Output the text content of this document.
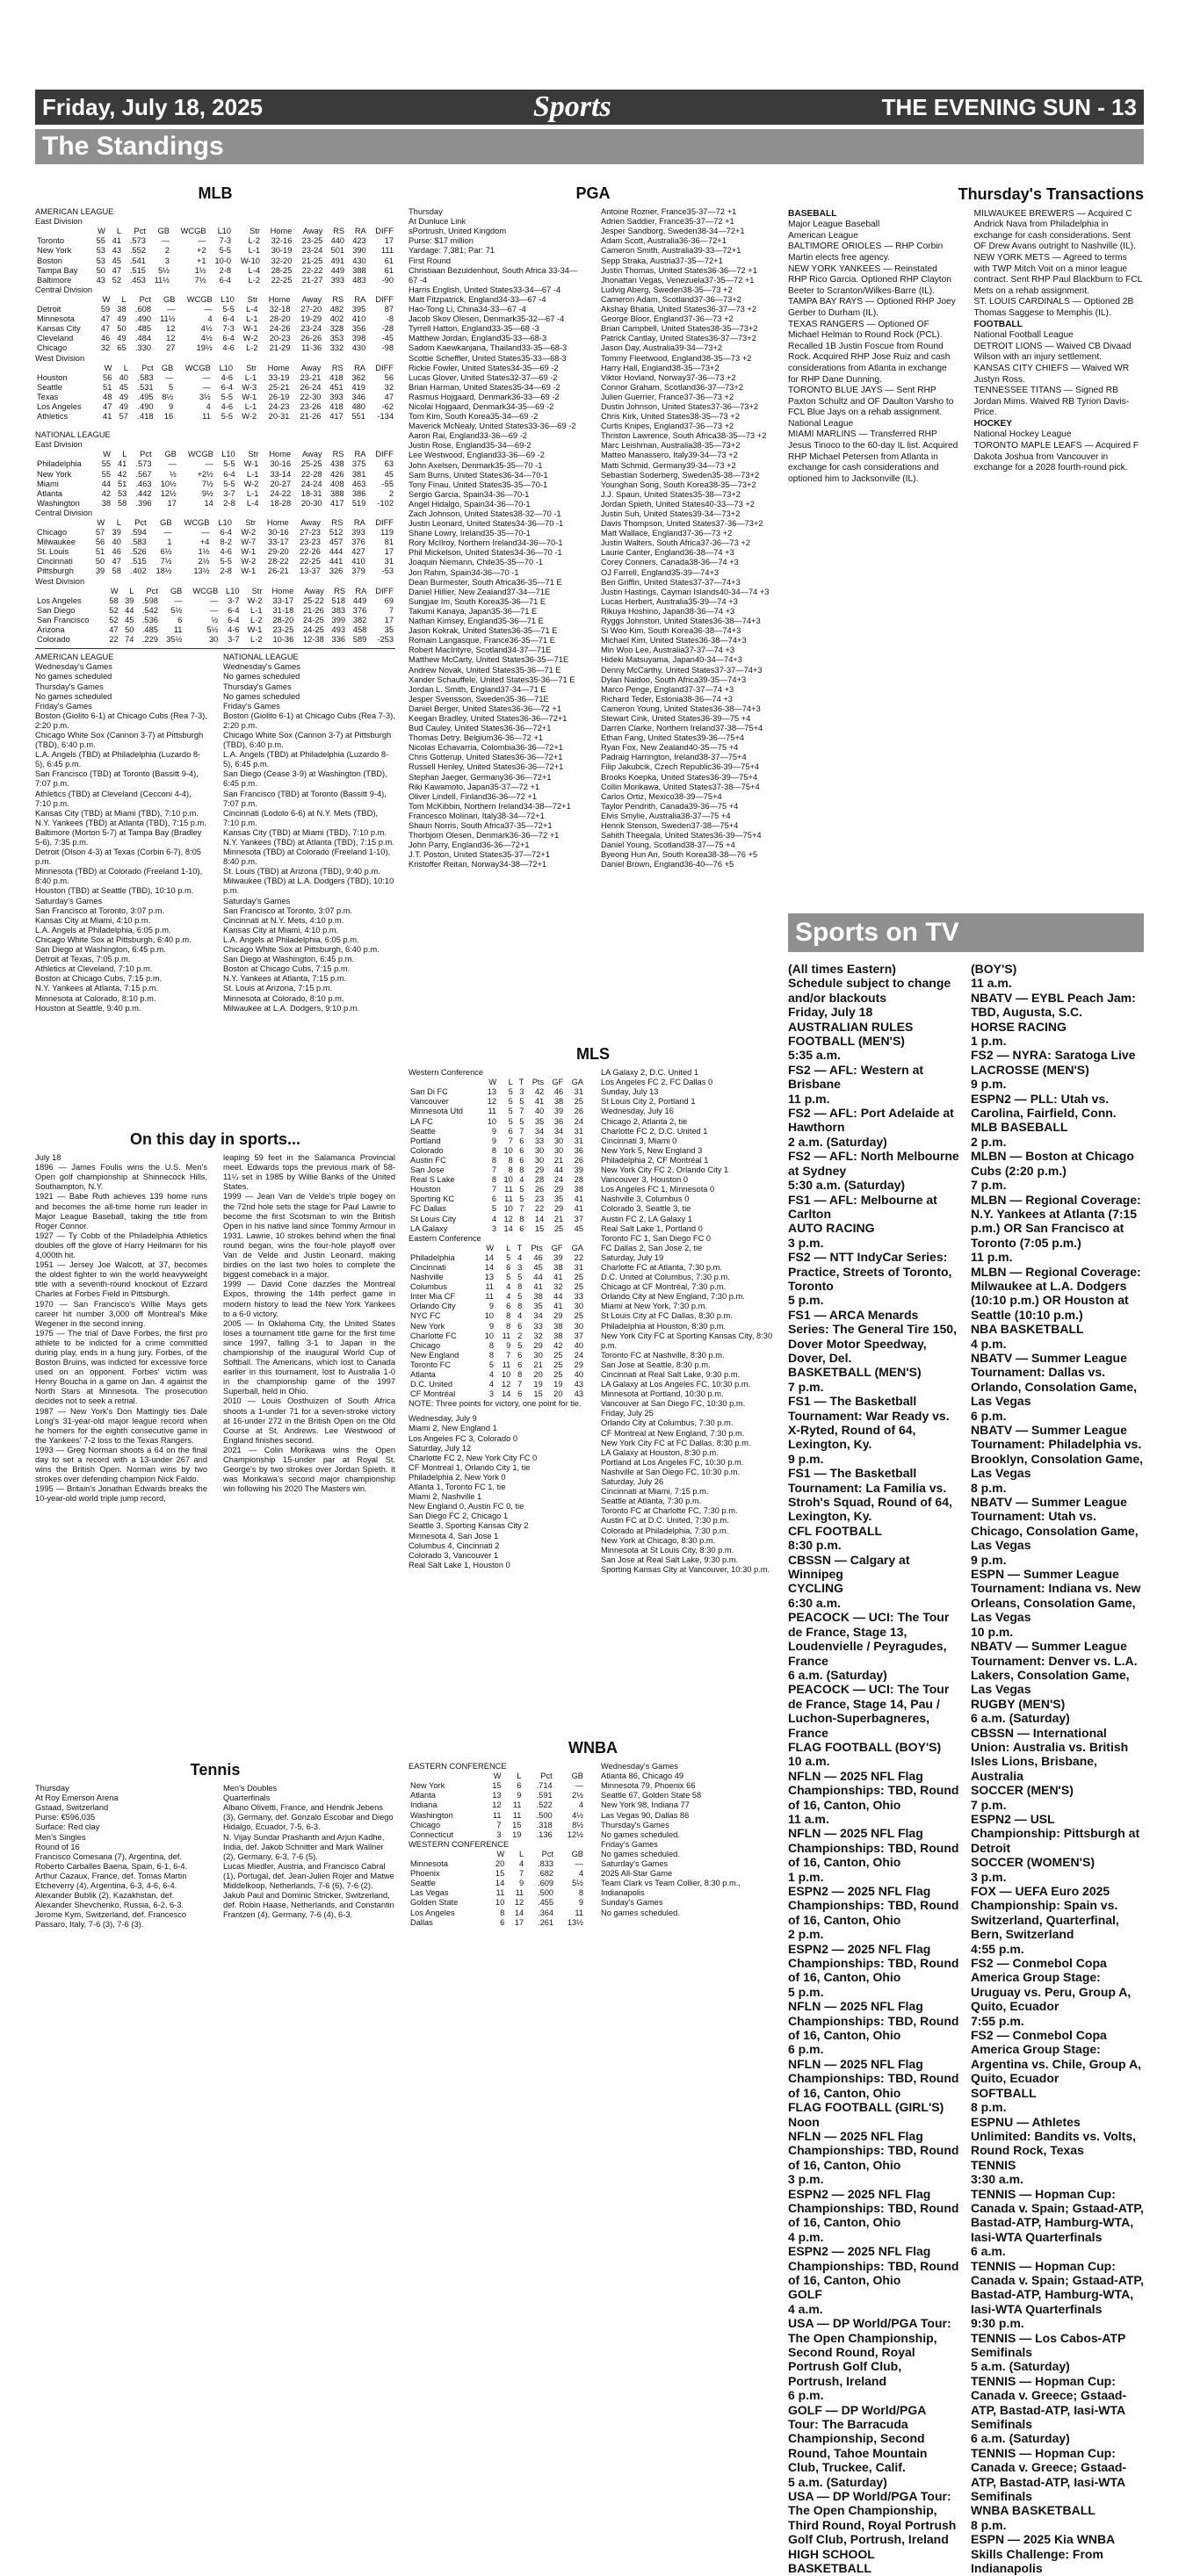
Friday, July 18, 2025	Sports	THE EVENING SUN - 13
The Standings
MLB
AMERICAN LEAGUE
East Division
	W	L	Pct	GB	WCGB	L10	Str	Home	Away	RS	RA	DIFF
Toronto	55	41	.573	—	—	7-3	L-2	32-16	23-25	440	423	17
New York	53	43	.552	2	+2	5-5	L-1	30-19	23-24	501	390	111
Boston	53	45	.541	3	+1	10-0	W-10	32-20	21-25	491	430	61
Tampa Bay	50	47	.515	5½	1½	2-8	L-4	28-25	22-22	449	388	61
Baltimore	43	52	.453	11½	7½	6-4	L-2	22-25	21-27	393	483	-90
Central Division
	W	L	Pct	GB	WCGB	L10	Str	Home	Away	RS	RA	DIFF
Detroit	59	38	.608	—	—	5-5	L-4	32-18	27-20	482	395	87
Minnesota	47	49	.490	11½	4	6-4	L-1	28-20	19-29	402	410	-8
Kansas City	47	50	.485	12	4½	7-3	W-1	24-26	23-24	328	356	-28
Cleveland	46	49	.484	12	4½	6-4	W-2	20-23	26-26	353	398	-45
Chicago	32	65	.330	27	19½	4-6	L-2	21-29	11-36	332	430	-98
West Division
	W	L	Pct	GB	WCGB	L10	Str	Home	Away	RS	RA	DIFF
Houston	56	40	.583	—	—	4-6	L-1	33-19	23-21	418	362	56
Seattle	51	45	.531	5	—	6-4	W-3	25-21	26-24	451	419	32
Texas	48	49	.495	8½	3½	5-5	W-1	26-19	22-30	393	346	47
Los Angeles	47	49	.490	9	4	4-6	L-1	24-23	23-26	418	480	-62
Athletics	41	57	.418	16	11	5-5	W-2	20-31	21-26	417	551	-134
NATIONAL LEAGUE
East Division
	W	L	Pct	GB	WCGB	L10	Str	Home	Away	RS	RA	DIFF
Philadelphia	55	41	.573	—	—	5-5	W-1	30-16	25-25	438	375	63
New York	55	42	.567	½	+2½	6-4	L-1	33-14	22-28	426	381	45
Miami	44	51	.463	10½	7½	5-5	W-2	20-27	24-24	408	463	-55
Atlanta	42	53	.442	12½	9½	3-7	L-1	24-22	18-31	388	386	2
Washington	38	58	.396	17	14	2-8	L-4	18-28	20-30	417	519	-102
Central Division
	W	L	Pct	GB	WCGB	L10	Str	Home	Away	RS	RA	DIFF
Chicago	57	39	.594	—	—	6-4	W-2	30-16	27-23	512	393	119
Milwaukee	56	40	.583	1	+4	8-2	W-7	33-17	23-23	457	376	81
St. Louis	51	46	.526	6½	1½	4-6	W-1	29-20	22-26	444	427	17
Cincinnati	50	47	.515	7½	2½	5-5	W-2	28-22	22-25	441	410	31
Pittsburgh	39	58	.402	18½	13½	2-8	W-1	26-21	13-37	326	379	-53
West Division
	W	L	Pct	GB	WCGB	L10	Str	Home	Away	RS	RA	DIFF
Los Angeles	58	39	.598	—	—	3-7	W-2	33-17	25-22	518	449	69
San Diego	52	44	.542	5½	—	6-4	L-1	31-18	21-26	383	376	7
San Francisco	52	45	.536	6	½	6-4	L-2	28-20	24-25	399	382	17
Arizona	47	50	.485	11	5½	4-6	W-1	23-25	24-25	493	458	35
Colorado	22	74	.229	35½	30	3-7	L-2	10-36	12-38	336	589	-253

AMERICAN LEAGUE

Wednesday's Games

No games scheduled

Thursday's Games

No games scheduled

Friday's Games

Boston (Giolito 6-1) at Chicago Cubs (Rea 7-3), 2:20 p.m.

Chicago White Sox (Cannon 3-7) at Pittsburgh (TBD), 6:40 p.m.

L.A. Angels (TBD) at Philadelphia (Luzardo 8-5), 6:45 p.m.

San Francisco (TBD) at Toronto (Bassitt 9-4), 7:07 p.m.

Athletics (TBD) at Cleveland (Cecconi 4-4), 7:10 p.m.

Kansas City (TBD) at Miami (TBD), 7:10 p.m.

N.Y. Yankees (TBD) at Atlanta (TBD), 7:15 p.m.

Baltimore (Morton 5-7) at Tampa Bay (Bradley 5-6), 7:35 p.m.

Detroit (Olson 4-3) at Texas (Corbin 6-7), 8:05 p.m.

Minnesota (TBD) at Colorado (Freeland 1-10), 8:40 p.m.

Houston (TBD) at Seattle (TBD), 10:10 p.m.

Saturday's Games

San Francisco at Toronto, 3:07 p.m.

Kansas City at Miami, 4:10 p.m.

L.A. Angels at Philadelphia, 6:05 p.m.

Chicago White Sox at Pittsburgh, 6:40 p.m.

San Diego at Washington, 6:45 p.m.

Detroit at Texas, 7:05 p.m.

Athletics at Cleveland, 7:10 p.m.

Boston at Chicago Cubs, 7:15 p.m.

N.Y. Yankees at Atlanta, 7:15 p.m.

Minnesota at Colorado, 8:10 p.m.

Houston at Seattle, 9:40 p.m.

NATIONAL LEAGUE

Wednesday's Games

No games scheduled

Thursday's Games

No games scheduled

Friday's Games

Boston (Giolito 6-1) at Chicago Cubs (Rea 7-3), 2:20 p.m.

Chicago White Sox (Cannon 3-7) at Pittsburgh (TBD), 6:40 p.m.

L.A. Angels (TBD) at Philadelphia (Luzardo 8-5), 6:45 p.m.

San Diego (Cease 3-9) at Washington (TBD), 6:45 p.m.

San Francisco (TBD) at Toronto (Bassitt 9-4), 7:07 p.m.

Cincinnati (Lodolo 6-6) at N.Y. Mets (TBD), 7:10 p.m.

Kansas City (TBD) at Miami (TBD), 7:10 p.m.

N.Y. Yankees (TBD) at Atlanta (TBD), 7:15 p.m.

Minnesota (TBD) at Colorado (Freeland 1-10), 8:40 p.m.

St. Louis (TBD) at Arizona (TBD), 9:40 p.m.

Milwaukee (TBD) at L.A. Dodgers (TBD), 10:10 p.m.

Saturday's Games

San Francisco at Toronto, 3:07 p.m.

Cincinnati at N.Y. Mets, 4:10 p.m.

Kansas City at Miami, 4:10 p.m.

L.A. Angels at Philadelphia, 6:05 p.m.

Chicago White Sox at Pittsburgh, 6:40 p.m.

San Diego at Washington, 6:45 p.m.

Boston at Chicago Cubs, 7:15 p.m.

N.Y. Yankees at Atlanta, 7:15 p.m.

St. Louis at Arizona, 7:15 p.m.

Minnesota at Colorado, 8:10 p.m.

Milwaukee at L.A. Dodgers, 9:10 p.m.

On this day in sports...

July 18

1896 — James Foulis wins the U.S. Men's Open golf championship at Shinnecock Hills, Southampton, N.Y.

1921 — Babe Ruth achieves 139 home runs and becomes the all-time home run leader in Major League Baseball, taking the title from Roger Connor.

1927 — Ty Cobb of the Philadelphia Athletics doubles off the glove of Harry Heilmann for his 4,000th hit.

1951 — Jersey Joe Walcott, at 37, becomes the oldest fighter to win the world heavyweight title with a seventh-round knockout of Ezzard Charles at Forbes Field in Pittsburgh.

1970 — San Francisco's Willie Mays gets career hit number 3,000 off Montreal's Mike Wegener in the second inning.

1975 — The trial of Dave Forbes, the first pro athlete to be indicted for a crime committed during play, ends in a hung jury. Forbes, of the Boston Bruins, was indicted for excessive force used on an opponent. Forbes' victim was Henry Boucha in a game on Jan. 4 against the North Stars at Minnesota. The prosecution decides not to seek a retrial.

1987 — New York's Don Mattingly ties Dale Long's 31-year-old major league record when he homers for the eighth consecutive game in the Yankees' 7-2 loss to the Texas Rangers.

1993 — Greg Norman shoots a 64 on the final day to set a record with a 13-under 267 and wins the British Open. Norman wins by two strokes over defending champion Nick Faldo.

1995 — Britain's Jonathan Edwards breaks the 10-year-old world triple jump record,

leaping 59 feet in the Salamanca Provincial meet. Edwards tops the previous mark of 58-11¼ set in 1985 by Willie Banks of the United States.

1999 — Jean Van de Velde's triple bogey on the 72nd hole sets the stage for Paul Lawrie to become the first Scotsman to win the British Open in his native land since Tommy Armour in 1931. Lawrie, 10 strokes behind when the final round began, wins the four-hole playoff over Van de Velde and Justin Leonard, making birdies on the last two holes to complete the biggest comeback in a major.

1999 — David Cone dazzles the Montreal Expos, throwing the 14th perfect game in modern history to lead the New York Yankees to a 6-0 victory.

2005 — In Oklahoma City, the United States loses a tournament title game for the first time since 1997, falling 3-1 to Japan in the championship of the inaugural World Cup of Softball. The Americans, which lost to Canada earlier in this tournament, lost to Australia 1-0 in the championship game of the 1997 Superball, held in Ohio.

2010 — Louis Oosthuizen of South Africa shoots a 1-under 71 for a seven-stroke victory at 16-under 272 in the British Open on the Old Course at St. Andrews. Lee Westwood of England finishes second.

2021 — Colin Morikawa wins the Open Championship 15-under par at Royal St. George's by two strokes over Jordan Spieth. It was Morikawa's second major championship win following his 2020 The Masters win.

Tennis

Thursday

At Roy Emerson Arena

Gstaad, Switzerland

Purse: €596,035

Surface: Red clay

Men's Singles

Round of 16

Francisco Comesana (7), Argentina, def. Roberto Carballes Baena, Spain, 6-1, 6-4.

Arthur Cazaux, France, def. Tomas Martin Etcheverry (4), Argentina, 6-3, 4-6, 6-4.

Alexander Bublik (2), Kazakhstan, def. Alexander Shevchenko, Russia, 6-2, 6-3.

Jerome Kym, Switzerland, def. Francesco Passaro, Italy, 7-6 (3), 7-6 (3).

Men's Doubles

Quarterfinals

Albano Olivetti, France, and Hendrik Jebens (3), Germany, def. Gonzalo Escobar and Diego Hidalgo, Ecuador, 7-5, 6-3.

N. Vijay Sundar Prashanth and Arjun Kadhe, India, def. Jakob Schnitter and Mark Wallner (2), Germany, 6-3, 7-6 (5).

Lucas Miedler, Austria, and Francisco Cabral (1), Portugal, def. Jean-Julien Rojer and Matwe Middelkoop, Netherlands, 7-6 (6), 7-6 (2).

Jakub Paul and Dominic Stricker, Switzerland, def. Robin Haase, Netherlands, and Constantin Frantzen (4), Germany, 7-6 (4), 6-3.

PGA

Thursday

At Dunluce Link

sPortrush, United Kingdom

Purse: $17 million

Yardage: 7,381; Par: 71

First Round

Christiaan Bezuidenhout, South Africa 33-34—67 -4

Harris English, United States33-34—67 -4

Matt Fitzpatrick, England34-33—67 -4

Hao-Tong Li, China34-33—67 -4

Jacob Skov Olesen, Denmark35-32—67 -4

Tyrrell Hatton, England33-35—68 -3

Matthew Jordan, England35-33—68-3

Sadom Kaewkanjana, Thailand33-35—68-3

Scottie Scheffler, United States35-33—68-3

Rickie Fowler, United States34-35—69 -2

Lucas Glover, United States32-37—69 -2

Brian Harman, United States35-34—69 -2

Rasmus Hojgaard, Denmark36-33—69 -2

Nicolai Hojgaard, Denmark34-35—69 -2

Tom Kim, South Korea35-34—69 -2

Maverick McNealy, United States33-36—69 -2

Aaron Rai, England33-36—69 -2

Justin Rose, England35-34—69-2

Lee Westwood, England33-36—69 -2

John Axelsen, Denmark35-35—70 -1

Sam Burns, United States36-34—70-1

Tony Finau, United States35-35—70-1

Sergio Garcia, Spain34-36—70-1

Angel Hidalgo, Spain34-36—70-1

Zach Johnson, United States38-32—70 -1

Justin Leonard, United States34-36—70 -1

Shane Lowry, Ireland35-35—70-1

Rory McIlroy, Northern Ireland34-36—70-1

Phil Mickelson, United States34-36—70 -1

Joaquin Niemann, Chile35-35—70 -1

Jon Rahm, Spain34-36—70 -1

Dean Burmester, South Africa36-35—71 E

Daniel Hillier, New Zealand37-34—71E

Sungjae Im, South Korea35-36—71 E

Takumi Kanaya, Japan35-36—71 E

Nathan Kimsey, England35-36—71 E

Jason Kokrak, United States36-35—71 E

Romain Langasque, France36-35—71 E

Robert MacIntyre, Scotland34-37—71E

Matthew McCarty, United States36-35—71E

Andrew Novak, United States35-36—71 E

Xander Schauffele, United States35-36—71 E

Jordan L. Smith, England37-34—71 E

Jesper Svensson, Sweden35-36—71E

Daniel Berger, United States36-36—72 +1

Keegan Bradley, United States36-36—72+1

Bud Cauley, United States36-36—72+1

Thomas Detry, Belgium36-36—72 +1

Nicolas Echavarria, Colombia36-36—72+1

Chris Gotterup, United States36-36—72+1

Russell Henley, United States36-36—72+1

Stephan Jaeger, Germany36-36—72+1

Riki Kawamoto, Japan35-37—72 +1

Oliver Lindell, Finland36-36—72 +1

Tom McKibbin, Northern Ireland34-38—72+1

Francesco Molinari, Italy38-34—72+1

Shaun Norris, South Africa37-35—72+1

Thorbjorn Olesen, Denmark36-36—72 +1

John Parry, England36-36—72+1

J.T. Poston, United States35-37—72+1

Kristoffer Reitan, Norway34-38—72+1

Antoine Rozner, France35-37—72 +1

Adrien Saddier, France35-37—72 +1

Jesper Sandborg, Sweden38-34—72+1

Adam Scott, Australia36-36—72+1

Cameron Smith, Australia39-33—72+1

Sepp Straka, Austria37-35—72+1

Justin Thomas, United States36-36—72 +1

Jhonattan Vegas, Venezuela37-35—72 +1

Ludvig Aberg, Sweden38-35—73 +2

Cameron Adam, Scotland37-36—73+2

Akshay Bhatia, United States36-37—73 +2

George Bloor, England37-36—73 +2

Brian Campbell, United States38-35—73+2

Patrick Cantlay, United States36-37—73+2

Jason Day, Australia39-34—73+2

Tommy Fleetwood, England38-35—73 +2

Harry Hall, England38-35—73+2

Viktor Hovland, Norway37-36—73 +2

Connor Graham, Scotland36-37—73+2

Julien Guerrier, France37-36—73 +2

Dustin Johnson, United States37-36—73+2

Chris Kirk, United States38-35—73 +2

Curtis Knipes, England37-36—73 +2

Thriston Lawrence, South Africa38-35—73 +2

Marc Leishman, Australia38-35—73+2

Matteo Manassero, Italy39-34—73 +2

Matti Schmid, Germany39-34—73 +2

Sebastian Soderberg, Sweden35-38—73+2

Younghan Song, South Korea38-35—73+2

J.J. Spaun, United States35-38—73+2

Jordan Spieth, United States40-33—73 +2

Justin Suh, United States39-34—73+2

Davis Thompson, United States37-36—73+2

Matt Wallace, England37-36—73 +2

Justin Walters, South Africa37-36—73 +2

Laurie Canter, England36-38—74 +3

Corey Conners, Canada38-36—74 +3

OJ Farrell, England35-39—74+3

Ben Griffin, United States37-37—74+3

Justin Hastings, Cayman Islands40-34—74 +3

Lucas Herbert, Australia35-39—74 +3

Rikuya Hoshino, Japan38-36—74 +3

Ryggs Johnston, United States36-38—74+3

Si Woo Kim, South Korea36-38—74+3

Michael Kim, United States36-38—74+3

Min Woo Lee, Australia37-37—74 +3

Hideki Matsuyama, Japan40-34—74+3

Denny McCarthy, United States37-37—74+3

Dylan Naidoo, South Africa39-35—74+3

Marco Penge, England37-37—74 +3

Richard Teder, Estonia38-36—74 +3

Cameron Young, United States36-38—74+3

Stewart Cink, United States36-39—75 +4

Darren Clarke, Northern Ireland37-38—75+4

Ethan Fang, United States39-36—75+4

Ryan Fox, New Zealand40-35—75 +4

Padraig Harrington, Ireland38-37—75+4

Filip Jakubcik, Czech Republic36-39—75+4

Brooks Koepka, United States36-39—75+4

Collin Morikawa, United States37-38—75+4

Carlos Ortiz, Mexico38-39—75+4

Taylor Pendrith, Canada39-36—75 +4

Elvis Smylie, Australia38-37—75 +4

Henrik Stenson, Sweden37-38—75+4

Sahith Theegala, United States36-39—75+4

Daniel Young, Scotland38-37—75 +4

Byeong Hun An, South Korea38-38—76 +5

Daniel Brown, England36-40—76 +5

MLS
Western Conference
	W	L	T	Pts	GF	GA
San Di FC	13	5	3	42	46	31
Vancouver	12	5	5	41	38	25
Minnesota Utd	11	5	7	40	39	26
LA FC	10	5	5	35	36	24
Seattle	9	6	7	34	34	31
Portland	9	7	6	33	30	31
Colorado	8	10	6	30	30	36
Austin FC	8	8	6	30	21	26
San Jose	7	8	8	29	44	39
Real S Lake	8	10	4	28	24	28
Houston	7	11	5	26	29	38
Sporting KC	6	11	5	23	35	41
FC Dallas	5	10	7	22	29	41
St Louis City	4	12	8	14	21	37
LA Galaxy	3	14	6	15	25	45
Eastern Conference
	W	L	T	Pts	GF	GA
Philadelphia	14	5	4	46	39	22
Cincinnati	14	6	3	45	38	31
Nashville	13	5	5	44	41	25
Columbus	11	4	8	41	32	25
Inter Mia CF	11	4	5	38	44	33
Orlando City	9	6	8	35	41	30
NYC FC	10	8	4	34	29	25
New York	9	8	6	33	38	30
Charlotte FC	10	11	2	32	38	37
Chicago	8	9	5	29	42	40
New England	8	7	6	30	25	24
Toronto FC	5	11	6	21	25	29
Atlanta	4	10	8	20	25	40
D.C. United	4	12	7	19	19	43
CF Montréal	3	14	6	15	20	43
NOTE: Three points for victory, one point for tie.

Wednesday, July 9

Miami 2, New England 1

Los Angeles FC 3, Colorado 0

Saturday, July 12

Charlotte FC 2, New York City FC 0

CF Montreal 1, Orlando City 1, tie

Philadelphia 2, New York 0

Atlanta 1, Toronto FC 1, tie

Miami 2, Nashville 1

New England 0, Austin FC 0, tie

San Diego FC 2, Chicago 1

Seattle 3, Sporting Kansas City 2

Minnesota 4, San Jose 1

Columbus 4, Cincinnati 2

Colorado 3, Vancouver 1

Real Salt Lake 1, Houston 0

LA Galaxy 2, D.C. United 1

Los Angeles FC 2, FC Dallas 0

Sunday, July 13

St Louis City 2, Portland 1

Wednesday, July 16

Chicago 2, Atlanta 2, tie

Charlotte FC 2, D.C. United 1

Cincinnati 3, Miami 0

New York 5, New England 3

Philadelphia 2, CF Montréal 1

New York City FC 2, Orlando City 1

Vancouver 3, Houston 0

Los Angeles FC 1, Minnesota 0

Nashville 3, Columbus 0

Colorado 3, Seattle 3, tie

Austin FC 2, LA Galaxy 1

Real Salt Lake 1, Portland 0

Toronto FC 1, San Diego FC 0

FC Dallas 2, San Jose 2, tie

Saturday, July 19

Charlotte FC at Atlanta, 7:30 p.m.

D.C. United at Columbus, 7:30 p.m.

Chicago at CF Montréal, 7:30 p.m.

Orlando City at New England, 7:30 p.m.

Miami at New York, 7:30 p.m.

St Louis City at FC Dallas, 8:30 p.m.

Philadelphia at Houston, 8:30 p.m.

New York City FC at Sporting Kansas City, 8:30 p.m.

Toronto FC at Nashville, 8:30 p.m.

San Jose at Seattle, 8:30 p.m.

Cincinnati at Real Salt Lake, 9:30 p.m.

LA Galaxy at Los Angeles FC, 10:30 p.m.

Minnesota at Portland, 10:30 p.m.

Vancouver at San Diego FC, 10:30 p.m.

Friday, July 25

Orlando City at Columbus, 7:30 p.m.

CF Montreal at New England, 7:30 p.m.

New York City FC at FC Dallas, 8:30 p.m.

LA Galaxy at Houston, 8:30 p.m.

Portland at Los Angeles FC, 10:30 p.m.

Nashville at San Diego FC, 10:30 p.m.

Saturday, July 26

Cincinnati at Miami, 7:15 p.m.

Seattle at Atlanta, 7:30 p.m.

Toronto FC at Charlotte FC, 7:30 p.m.

Austin FC at D.C. United, 7:30 p.m.

Colorado at Philadelphia, 7:30 p.m.

New York at Chicago, 8:30 p.m.

Minnesota at St Louis City, 8:30 p.m.

San Jose at Real Salt Lake, 9:30 p.m.

Sporting Kansas City at Vancouver, 10:30 p.m.

WNBA
EASTERN CONFERENCE
	W	L	Pct	GB
New York	15	6	.714	—
Atlanta	13	9	.591	2½
Indiana	12	11	.522	4
Washington	11	11	.500	4½
Chicago	7	15	.318	8½
Connecticut	3	19	.136	12½
WESTERN CONFERENCE
	W	L	Pct	GB
Minnesota	20	4	.833	—
Phoenix	15	7	.682	4
Seattle	14	9	.609	5½
Las Vegas	11	11	.500	8
Golden State	10	12	.455	9
Los Angeles	8	14	.364	11
Dallas	6	17	.261	13½

Wednesday's Games

Atlanta 86, Chicago 49

Minnesota 79, Phoenix 66

Seattle 67, Golden State 58

New York 98, Indiana 77

Las Vegas 90, Dallas 86

Thursday's Games

No games scheduled.

Friday's Games

No games scheduled.

Saturday's Games

2025 All-Star Game

Team Clark vs Team Collier, 8:30 p.m., Indianapolis

Sunday's Games

No games scheduled.

Thursday's Transactions

BASEBALL

Major League Baseball

American League

BALTIMORE ORIOLES — RHP Corbin Martin elects free agency.

NEW YORK YANKEES — Reinstated RHP Rico Garcia. Optioned RHP Clayton Beeter to Scranton/Wilkes-Barre (IL).

TAMPA BAY RAYS — Optioned RHP Joey Gerber to Durham (IL).

TEXAS RANGERS — Optioned OF Michael Helman to Round Rock (PCL). Recalled 1B Justin Foscue from Round Rock. Acquired RHP Jose Ruiz and cash considerations from Atlanta in exchange for RHP Dane Dunning.

TORONTO BLUE JAYS — Sent RHP Paxton Schultz and OF Daulton Varsho to FCL Blue Jays on a rehab assignment.

National League

MIAMI MARLINS — Transferred RHP Jesus Tinoco to the 60-day IL list. Acquired RHP Michael Petersen from Atlanta in exchange for cash considerations and optioned him to Jacksonville (IL).

MILWAUKEE BREWERS — Acquired C Andrick Nava from Philadelphia in exchange for cash considerations. Sent OF Drew Avans outright to Nashville (IL).

NEW YORK METS — Agreed to terms with TWP Mitch Voit on a minor league contract. Sent RHP Paul Blackburn to FCL Mets on a rehab assignment.

ST. LOUIS CARDINALS — Optioned 2B Thomas Saggese to Memphis (IL).

FOOTBALL

National Football League

DETROIT LIONS — Waived CB Divaad Wilson with an injury settlement.

KANSAS CITY CHIEFS — Waived WR Justyn Ross.

TENNESSEE TITANS — Signed RB Jordan Mims. Waived RB Tyrion Davis-Price.

HOCKEY

National Hockey League

TORONTO MAPLE LEAFS — Acquired F Dakota Joshua from Vancouver in exchange for a 2028 fourth-round pick.

Sports on TV

(All times Eastern)

Schedule subject to change and/or blackouts

Friday, July 18

AUSTRALIAN RULES FOOTBALL (MEN'S)

5:35 a.m.

FS2 — AFL: Western at Brisbane

11 p.m.

FS2 — AFL: Port Adelaide at Hawthorn

2 a.m. (Saturday)

FS2 — AFL: North Melbourne at Sydney

5:30 a.m. (Saturday)

FS1 — AFL: Melbourne at Carlton

AUTO RACING

3 p.m.

FS2 — NTT IndyCar Series: Practice, Streets of Toronto, Toronto

5 p.m.

FS1 — ARCA Menards Series: The General Tire 150, Dover Motor Speedway, Dover, Del.

BASKETBALL (MEN'S)

7 p.m.

FS1 — The Basketball Tournament: War Ready vs. X-Ryted, Round of 64, Lexington, Ky.

9 p.m.

FS1 — The Basketball Tournament: La Familia vs. Stroh's Squad, Round of 64, Lexington, Ky.

CFL FOOTBALL

8:30 p.m.

CBSSN — Calgary at Winnipeg

CYCLING

6:30 a.m.

PEACOCK — UCI: The Tour de France, Stage 13, Loudenvielle / Peyragudes, France

6 a.m. (Saturday)

PEACOCK — UCI: The Tour de France, Stage 14, Pau / Luchon-Superbagneres, France

FLAG FOOTBALL (BOY'S)

10 a.m.

NFLN — 2025 NFL Flag Championships: TBD, Round of 16, Canton, Ohio

11 a.m.

NFLN — 2025 NFL Flag Championships: TBD, Round of 16, Canton, Ohio

1 p.m.

ESPN2 — 2025 NFL Flag Championships: TBD, Round of 16, Canton, Ohio

2 p.m.

ESPN2 — 2025 NFL Flag Championships: TBD, Round of 16, Canton, Ohio

5 p.m.

NFLN — 2025 NFL Flag Championships: TBD, Round of 16, Canton, Ohio

6 p.m.

NFLN — 2025 NFL Flag Championships: TBD, Round of 16, Canton, Ohio

FLAG FOOTBALL (GIRL'S)

Noon

NFLN — 2025 NFL Flag Championships: TBD, Round of 16, Canton, Ohio

3 p.m.

ESPN2 — 2025 NFL Flag Championships: TBD, Round of 16, Canton, Ohio

4 p.m.

ESPN2 — 2025 NFL Flag Championships: TBD, Round of 16, Canton, Ohio

GOLF

4 a.m.

USA — DP World/PGA Tour: The Open Championship, Second Round, Royal Portrush Golf Club, Portrush, Ireland

6 p.m.

GOLF — DP World/PGA Tour: The Barracuda Championship, Second Round, Tahoe Mountain Club, Truckee, Calif.

5 a.m. (Saturday)

USA — DP World/PGA Tour: The Open Championship, Third Round, Royal Portrush Golf Club, Portrush, Ireland

HIGH SCHOOL BASKETBALL

(BOY'S)

11 a.m.

NBATV — EYBL Peach Jam: TBD, Augusta, S.C.

HORSE RACING

1 p.m.

FS2 — NYRA: Saratoga Live

LACROSSE (MEN'S)

9 p.m.

ESPN2 — PLL: Utah vs. Carolina, Fairfield, Conn.

MLB BASEBALL

2 p.m.

MLBN — Boston at Chicago Cubs (2:20 p.m.)

7 p.m.

MLBN — Regional Coverage: N.Y. Yankees at Atlanta (7:15 p.m.) OR San Francisco at Toronto (7:05 p.m.)

11 p.m.

MLBN — Regional Coverage: Milwaukee at L.A. Dodgers (10:10 p.m.) OR Houston at Seattle (10:10 p.m.)

NBA BASKETBALL

4 p.m.

NBATV — Summer League Tournament: Dallas vs. Orlando, Consolation Game, Las Vegas

6 p.m.

NBATV — Summer League Tournament: Philadelphia vs. Brooklyn, Consolation Game, Las Vegas

8 p.m.

NBATV — Summer League Tournament: Utah vs. Chicago, Consolation Game, Las Vegas

9 p.m.

ESPN — Summer League Tournament: Indiana vs. New Orleans, Consolation Game, Las Vegas

10 p.m.

NBATV — Summer League Tournament: Denver vs. L.A. Lakers, Consolation Game, Las Vegas

RUGBY (MEN'S)

6 a.m. (Saturday)

CBSSN — International Union: Australia vs. British Isles Lions, Brisbane, Australia

SOCCER (MEN'S)

7 p.m.

ESPN2 — USL Championship: Pittsburgh at Detroit

SOCCER (WOMEN'S)

3 p.m.

FOX — UEFA Euro 2025 Championship: Spain vs. Switzerland, Quarterfinal, Bern, Switzerland

4:55 p.m.

FS2 — Conmebol Copa America Group Stage: Uruguay vs. Peru, Group A, Quito, Ecuador

7:55 p.m.

FS2 — Conmebol Copa America Group Stage: Argentina vs. Chile, Group A, Quito, Ecuador

SOFTBALL

8 p.m.

ESPNU — Athletes Unlimited: Bandits vs. Volts, Round Rock, Texas

TENNIS

3:30 a.m.

TENNIS — Hopman Cup: Canada v. Spain; Gstaad-ATP, Bastad-ATP, Hamburg-WTA, Iasi-WTA Quarterfinals

6 a.m.

TENNIS — Hopman Cup: Canada v. Spain; Gstaad-ATP, Bastad-ATP, Hamburg-WTA, Iasi-WTA Quarterfinals

9:30 p.m.

TENNIS — Los Cabos-ATP Semifinals

5 a.m. (Saturday)

TENNIS — Hopman Cup: Canada v. Greece; Gstaad-ATP, Bastad-ATP, Iasi-WTA Semifinals

6 a.m. (Saturday)

TENNIS — Hopman Cup: Canada v. Greece; Gstaad-ATP, Bastad-ATP, Iasi-WTA Semifinals

WNBA BASKETBALL

8 p.m.

ESPN — 2025 Kia WNBA Skills Challenge: From Indianapolis
